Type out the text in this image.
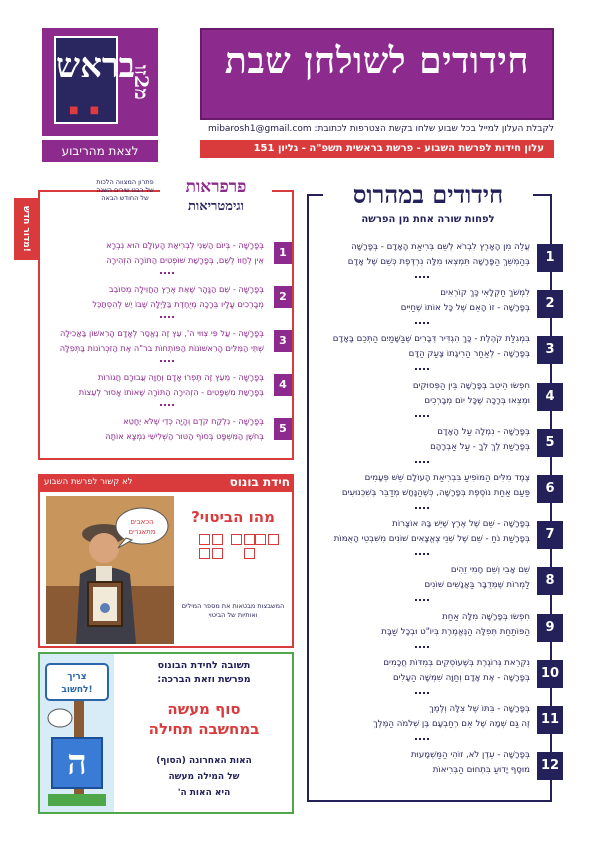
חידודים לשולחן שבת
בראש
■ ■
מ2זו
לצאת מהריבוע
לקבלת העלון למייל בכל שבוע שלחו בקשת הצטרפות לכתובת: mibarosh1@gmail.com
עלון חידות לפרשת השבוע - פרשת בראשית תשפ"ה - גליון 151
חידודים במהרוס
לפחות שורה אחת מן הפרשה
עֲלֵה מִן הָאָרֶץ לִבְרֹא לְשֵׁם בְּרִיאַת הָאָדָם - בְּפָרָשָׁה
בְּהַמְשֵׁךְ הַפָּרָשָׁה תִּמְצְאוּ מִלָּה נִרְדֶּפֶת כְּשֵׁם שֶׁל אָדָם	1
לִמְשֹׁךְ חַקְלָאִי כָּךְ קוֹרְאִים
בְּפָרָשָׁה - זוֹ הָאֵם שֶׁל כָּל אוֹתוֹ שֶׁחַיִּים	2
בִּמְגִלַּת קֹהֶלֶת - כָּךְ הִגְדִּיר דְּבָרִים שֶׁבַּשָּׁמַיִם הַתְּכֵם בָּאָדָם
בְּפָרָשָׁה - לְאַחַר הַרִיגָתוֹ צָעַק הַדָּם	3
חִפְשׂוּ הֵיטֵב בְּפָרָשָׁה בֵּין הַפְּסוּקִים
וּמְצְאוּ בְּרָכָה שֶׁכָּל יוֹם מְבָרְכִים	4
בְּפָרָשָׁה - נִמְלָה עַל הָאָדָם
בְּפָרָשַׁת לֶךְ לְךָ - עַל אַבְרָהָם	5
צֶמֶד מִלִּים הַמּוֹפִיעַ בִּבְרִיאַת הָעוֹלָם שֵׁשׁ פְּעָמִים
פַּעַם אַחַת נוֹסֶפֶת בְּפָרָשָׁה, כְּשֶׁהַנָּחָשׁ מְדַבֵּר בְּשִׁכְנוּעִים	6
בְּפָרָשָׁה - שֵׁם שֶׁל אֶרֶץ שֶׁיֵּשׁ בָּהּ אוֹצָרוֹת
בְּפָרָשַׁת נֹחַ - שֵׁם שֶׁל שְׁנֵי צֶאֱצָאִים שׁוֹנִים מִשִּׁבְטֵי הָאֻמּוֹת	7
שֵׁם אָבִי וְשֵׁם חָמִי זֵהִים
לַמְרוֹת שֶׁמְּדֻבָּר בַּאֲנָשִׁים שׁוֹנִים	8
חִפְשׂוּ בְּפָרָשָׁה מִלָּה אַחַת
הַפּוֹתַחַת תְּפִלָּה הַנֶּאֱמֶרֶת בְּיוֹ"ט וּבְכָל שַׁבָּת	9
נִקְרֵאת גְּרוֹגֶרֶת בְּשֶׁעוֹסְקִים בְּמִדּוֹת חֲכָמִים
בְּפָרָשָׁה - אֶת אָדָם וְחַוָּה שִׁמְּשָׁה הַעָלִים 10
בְּפָרָשָׁה - בִּתּוֹ שֶׁל צִלָּה וְלֶמֶךְ
זֶה גַּם שְׁמָהּ שֶׁל אֵם רְחַבְעָם בֶּן שְׁלֹמֹה הַמֶּלֶךְ 11
בְּפָרָשָׁה - עֵדֶן לֹא, זוֹהִי הַמַּשְׁמָעוּת
מוּסָף יָדוּעַ בִּתְחוּם הַבְּרִיאוֹת 12
מדור חדש!
פרפראות
וגימטריאות
פתרון המצווה הלכות של רבנו שירים השנה של החודש הבאה
בְּפָרָשָׁה - בְּיוֹם הַשֵּׁנִי לְבְרִיאַת הָעוֹלָם הוּא נִבְרָא
אֵין לְחַוּוֹ לְשֵׁם, בְּפָרָשַׁת שׁוֹפְטִים הַתּוֹרָה הִזְהִירָה
1
בְּפָרָשָׁה - שֵׁם הַנָּהָר שֶׁאֵת אֶרֶץ הַחֲוִילָה מְסוֹבֵב
מְבָרְכִים עָלָיו בְּרָכָה מְיֻחֶדֶת בַּלַּיְלָה שֶׁבּוֹ יֵשׁ לְהִסְתַּכֵּל
2
בְּפָרָשָׁה - עַל פִּי צִוּוּי ה', עֵץ זֶה נֶאֱסַר לְאָדָם הָרִאשׁוֹן בַּאֲכִילָה
שְׁתֵּי הַמִּלִּים הָרִאשׁוֹנוֹת הַפּוֹתְחוֹת בר"ה אֶת הַזִּכְרוֹנוֹת בַּתְּפִלָּה
3
בְּפָרָשָׁה - מֵעֵץ זֶה תֶּפְרוּ אָדָם וְחַוָּה עֲבוּרָם חֲגוֹרוֹת
בְּפָרָשַׁת מִשְׁפָּטִים - הִזְהִירָה הַתּוֹרָה שֶׁאוֹתוֹ אָסוּר לְעֵצוֹת
4
בְּפָרָשָׁה - נִלְקַח קֹדֶם וְהָיָה כְּדֵי שֶׁלֹּא יֵחָטֵא
בְּחֹשֶׁן הַמִּשְׁפָּט בְּסוֹף הַטּוּר הַשְּׁלִישִׁי נִמְצָא אוֹתָהּ
5
חידת בונוס
לא קשור לפרשת השבוע
הכאבים
מתאגרים
מהו הביטוי?
המשבצות מבטאות את מספר המילים ואותיות של הביטוי
צריך
לחשוב!
ה
תשובה לחידת הבונוס
מפרשת וזאת הברכה:
סוף מעשה
במחשבה תחילה
האות האחרונה (הסוף)
של המילה מעשה
היא האות ה'
